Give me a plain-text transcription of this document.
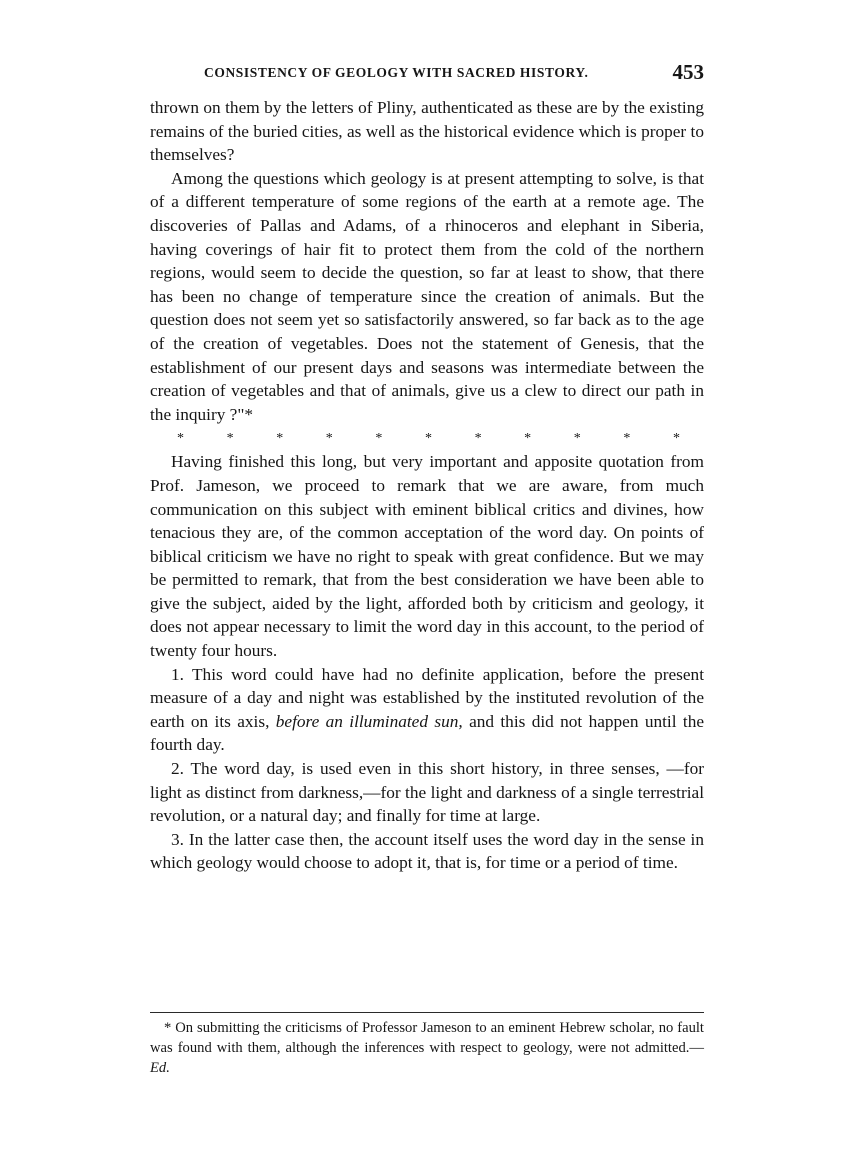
CONSISTENCY OF GEOLOGY WITH SACRED HISTORY.	453

thrown on them by the letters of Pliny, authenticated as these are by the existing remains of the buried cities, as well as the historical evidence which is proper to themselves?

Among the questions which geology is at present attempting to solve, is that of a different temperature of some regions of the earth at a remote age. The discoveries of Pallas and Adams, of a rhinoceros and elephant in Siberia, having coverings of hair fit to protect them from the cold of the northern regions, would seem to decide the question, so far at least to show, that there has been no change of temperature since the creation of animals. But the question does not seem yet so satisfactorily answered, so far back as to the age of the creation of vegetables. Does not the statement of Genesis, that the establishment of our present days and seasons was intermediate between the creation of vegetables and that of animals, give us a clew to direct our path in the inquiry ?"*

*	*	*	*	*	*	*	*	*	*	*

Having finished this long, but very important and apposite quotation from Prof. Jameson, we proceed to remark that we are aware, from much communication on this subject with eminent biblical critics and divines, how tenacious they are, of the common acceptation of the word day. On points of biblical criticism we have no right to speak with great confidence. But we may be permitted to remark, that from the best consideration we have been able to give the subject, aided by the light, afforded both by criticism and geology, it does not appear necessary to limit the word day in this account, to the period of twenty four hours.

1. This word could have had no definite application, before the present measure of a day and night was established by the instituted revolution of the earth on its axis, before an illuminated sun, and this did not happen until the fourth day.

2. The word day, is used even in this short history, in three senses, —for light as distinct from darkness,—for the light and darkness of a single terrestrial revolution, or a natural day; and finally for time at large.

3. In the latter case then, the account itself uses the word day in the sense in which geology would choose to adopt it, that is, for time or a period of time.

* On submitting the criticisms of Professor Jameson to an eminent Hebrew scholar, no fault was found with them, although the inferences with respect to geology, were not admitted.—Ed.
